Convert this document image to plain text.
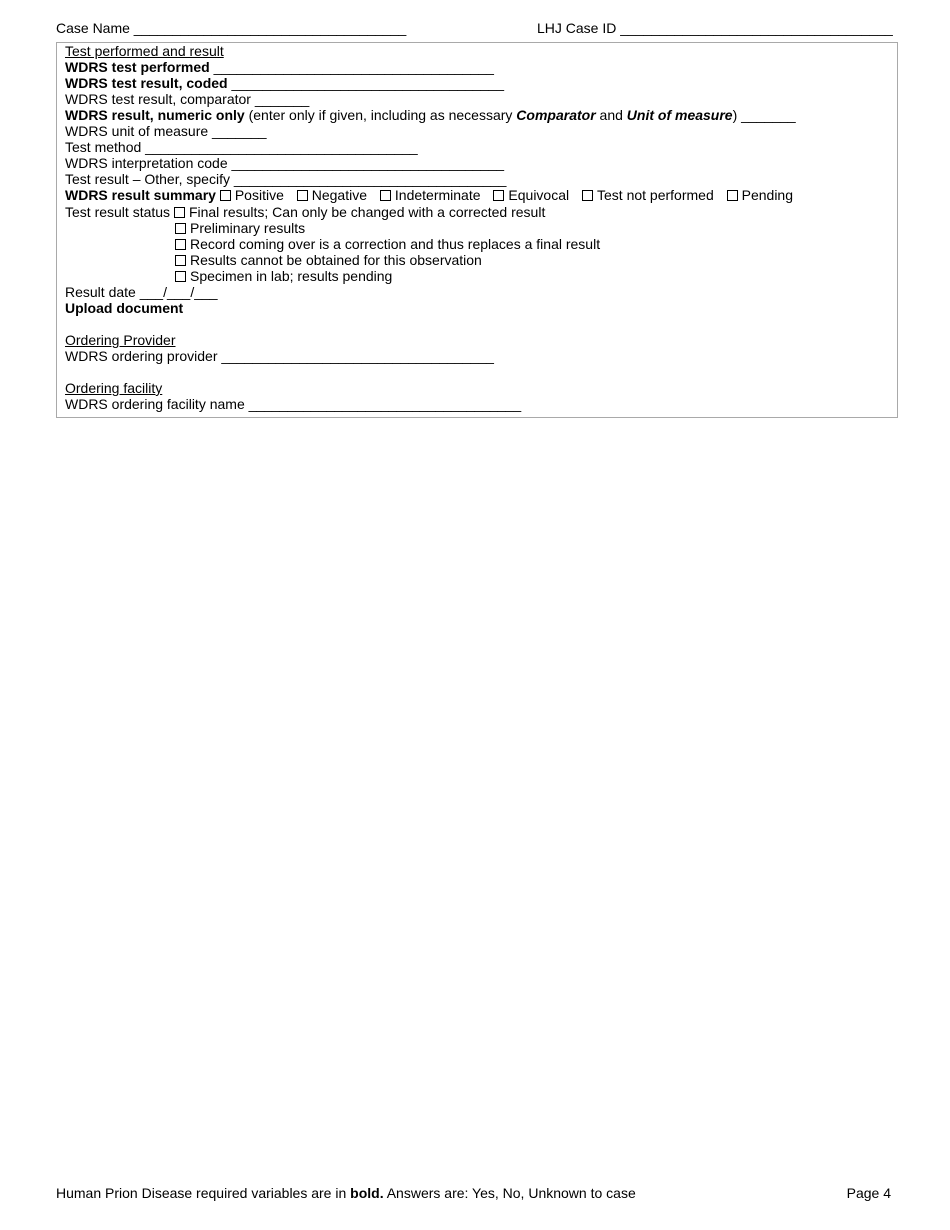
Case Name ___________________________________	LHJ Case ID ___________________________________
Test performed and result
WDRS test performed ____________________________________
WDRS test result, coded ___________________________________
WDRS test result, comparator _______
WDRS result, numeric only (enter only if given, including as necessary Comparator and Unit of measure) _______
WDRS unit of measure _______
Test method ___________________________________
WDRS interpretation code ___________________________________
Test result – Other, specify ___________________________________
WDRS result summary Positive Negative Indeterminate Equivocal Test not performed Pending
Test result status Final results; Can only be changed with a corrected result
Preliminary results
Record coming over is a correction and thus replaces a final result
Results cannot be obtained for this observation
Specimen in lab; results pending
Result date ___/___/___
Upload document
Ordering Provider
WDRS ordering provider ___________________________________
Ordering facility
WDRS ordering facility name ___________________________________
Human Prion Disease required variables are in bold. Answers are: Yes, No, Unknown to case	Page 4
